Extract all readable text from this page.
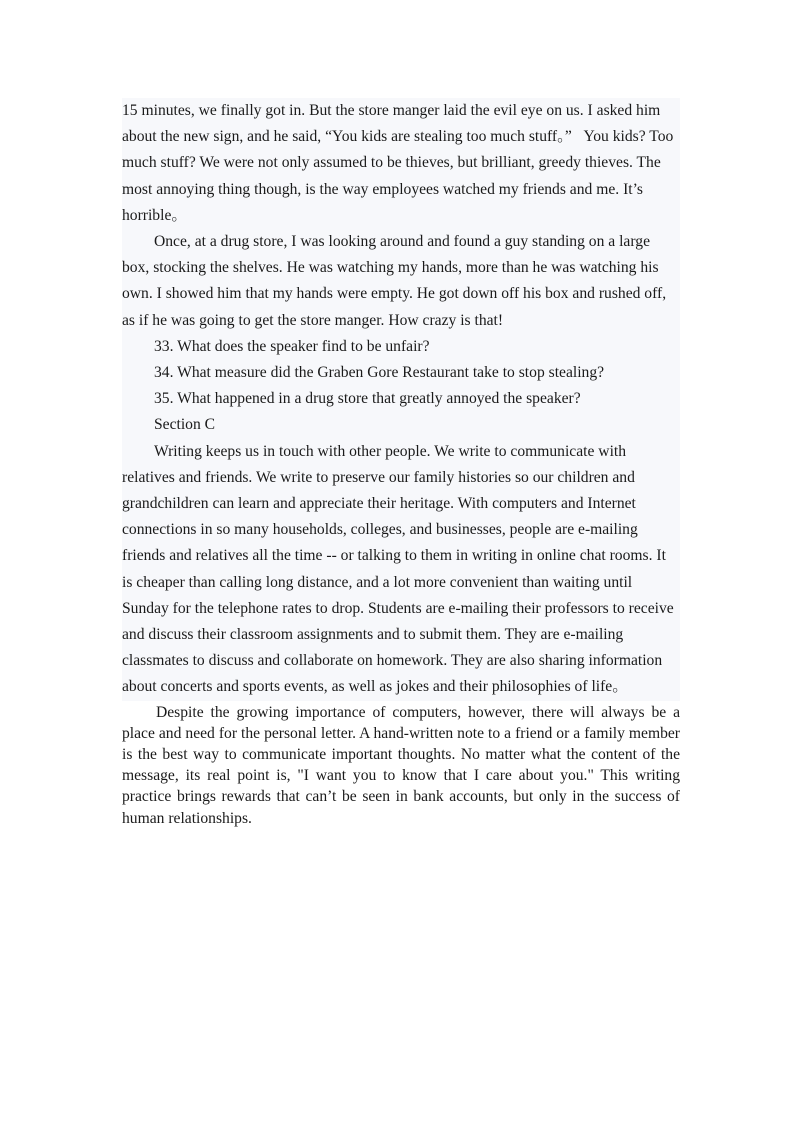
15 minutes, we finally got in. But the store manger laid the evil eye on us. I asked him about the new sign, and he said, “You kids are stealing too much stuff。”   You kids? Too much stuff? We were not only assumed to be thieves, but brilliant, greedy thieves. The most annoying thing though, is the way employees watched my friends and me. It’s horrible。

Once, at a drug store, I was looking around and found a guy standing on a large box, stocking the shelves. He was watching my hands, more than he was watching his own. I showed him that my hands were empty. He got down off his box and rushed off, as if he was going to get the store manger. How crazy is that!

33. What does the speaker find to be unfair?

34. What measure did the Graben Gore Restaurant take to stop stealing?

35. What happened in a drug store that greatly annoyed the speaker?

Section C

Writing keeps us in touch with other people. We write to communicate with relatives and friends. We write to preserve our family histories so our children and grandchildren can learn and appreciate their heritage. With computers and Internet connections in so many households, colleges, and businesses, people are e-mailing friends and relatives all the time -- or talking to them in writing in online chat rooms. It is cheaper than calling long distance, and a lot more convenient than waiting until Sunday for the telephone rates to drop. Students are e-mailing their professors to receive and discuss their classroom assignments and to submit them. They are e-mailing classmates to discuss and collaborate on homework. They are also sharing information about concerts and sports events, as well as jokes and their philosophies of life。

Despite the growing importance of computers, however, there will always be a place and need for the personal letter. A hand-written note to a friend or a family member is the best way to communicate important thoughts. No matter what the content of the message, its real point is, "I want you to know that I care about you." This writing practice brings rewards that can’t be seen in bank accounts, but only in the success of human relationships.
